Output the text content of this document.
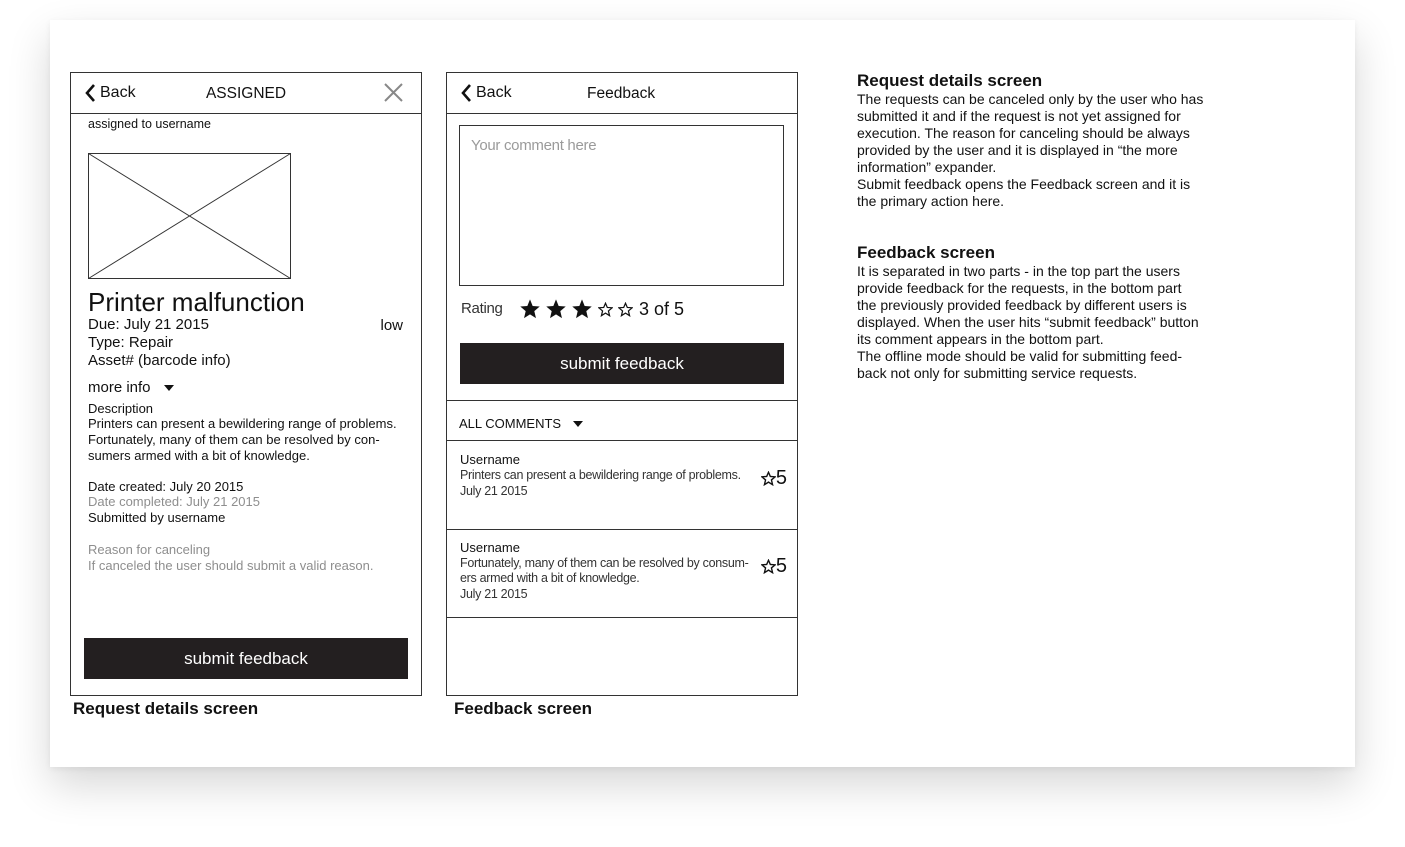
Back	ASSIGNED
assigned to username
Printer malfunction
Due: July 21 2015	low
Type: Repair
Asset# (barcode info)
more info
Description
Printers can present a bewildering range of problems. Fortunately, many of them can be resolved by con-sumers armed with a bit of knowledge.
Date created: July 20 2015
Date completed: July 21 2015
Submitted by username
Reason for canceling
If canceled the user should submit a valid reason.
submit feedback
Request details screen
Back	Feedback
Your comment here
Rating	3 of 5
submit feedback
ALL COMMENTS
Username
Printers can present a bewildering range of problems.
July 21 2015
5
Username
Fortunately, many of them can be resolved by consum-ers armed with a bit of knowledge.
July 21 2015
5
Feedback screen
Request details screen

The requests can be canceled only by the user who has
submitted it and if the request is not yet assigned for
execution. The reason for canceling should be always
provided by the user and it is displayed in “the more
information” expander.
Submit feedback opens the Feedback screen and it is
the primary action here.

Feedback screen

It is separated in two parts - in the top part the users
provide feedback for the requests, in the bottom part
the previously provided feedback by different users is
displayed. When the user hits “submit feedback” button
its comment appears in the bottom part.
The offline mode should be valid for submitting feed-
back not only for submitting service requests.
